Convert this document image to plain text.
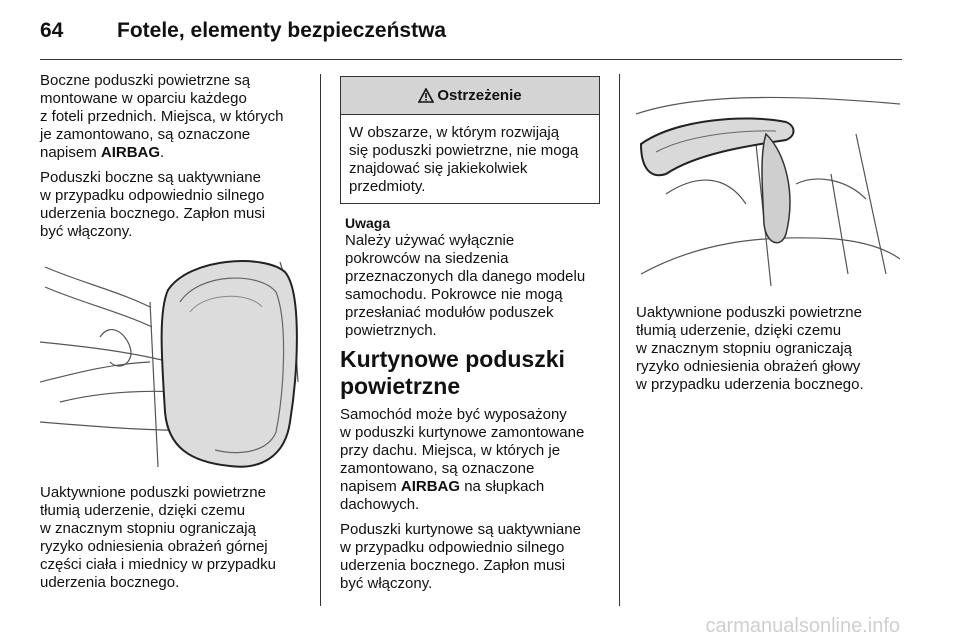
64	Fotele, elementy bezpieczeństwa

Boczne poduszki powietrzne są
montowane w oparciu każdego
z foteli przednich. Miejsca, w których
je zamontowano, są oznaczone
napisem AIRBAG.

Poduszki boczne są uaktywniane
w przypadku odpowiednio silnego
uderzenia bocznego. Zapłon musi
być włączony.

Uaktywnione poduszki powietrzne
tłumią uderzenie, dzięki czemu
w znacznym stopniu ograniczają
ryzyko odniesienia obrażeń górnej
części ciała i miednicy w przypadku
uderzenia bocznego.

Ostrzeżenie
W obszarze, w którym rozwijają
się poduszki powietrzne, nie mogą
znajdować się jakiekolwiek
przedmioty.
Uwaga

Należy używać wyłącznie
pokrowców na siedzenia
przeznaczonych dla danego modelu
samochodu. Pokrowce nie mogą
przesłaniać modułów poduszek
powietrznych.

Kurtynowe poduszki
powietrzne

Samochód może być wyposażony
w poduszki kurtynowe zamontowane
przy dachu. Miejsca, w których je
zamontowano, są oznaczone
napisem AIRBAG na słupkach
dachowych.

Poduszki kurtynowe są uaktywniane
w przypadku odpowiednio silnego
uderzenia bocznego. Zapłon musi
być włączony.

Uaktywnione poduszki powietrzne
tłumią uderzenie, dzięki czemu
w znacznym stopniu ograniczają
ryzyko odniesienia obrażeń głowy
w przypadku uderzenia bocznego.

carmanualsonline.info
